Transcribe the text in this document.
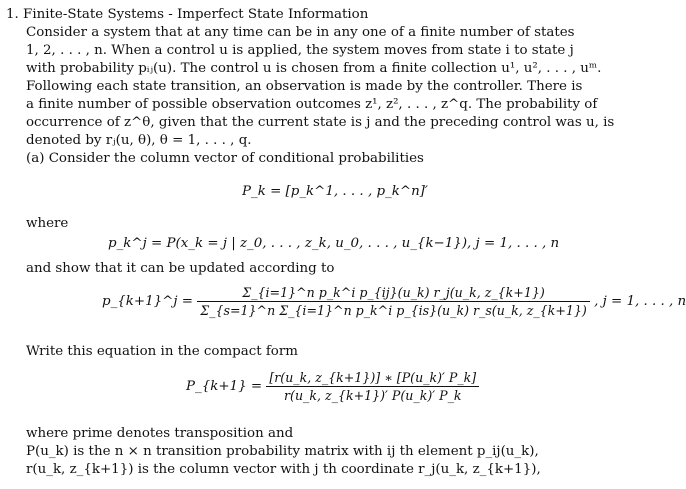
1. Finite-State Systems - Imperfect State Information
Consider a system that at any time can be in any one of a finite number of states
1, 2, . . . , n. When a control u is applied, the system moves from state i to state j
with probability pᵢⱼ(u). The control u is chosen from a finite collection u¹, u², . . . , uᵐ.
Following each state transition, an observation is made by the controller. There is
a finite number of possible observation outcomes z¹, z², . . . , z^q. The probability of
occurrence of z^θ, given that the current state is j and the preceding control was u, is
denoted by rⱼ(u, θ), θ = 1, . . . , q.
(a) Consider the column vector of conditional probabilities
P_k = [p_k^1, . . . , p_k^n]′
where
p_k^j = P(x_k = j | z_0, . . . , z_k, u_0, . . . , u_{k−1}), j = 1, . . . , n
and show that it can be updated according to
p_{k+1}^j = $\frac{\text{Σ\_\{i=1\}\textasciicircum{}n p\_k\textasciicircum{}i p\_\{ij\}(u\_k) r\_j(u\_k, z\_\{k+1\})}}{\text{Σ\_\{s=1\}\textasciicircum{}n Σ\_\{i=1\}\textasciicircum{}n p\_k\textasciicircum{}i p\_\{is\}(u\_k) r\_s(u\_k, z\_\{k+1\})}}$ , j = 1, . . . , n
Write this equation in the compact form
P_{k+1} = $\frac{[r(u\_k, z\_\{k+1\})] ∗ [P(u\_k)' P\_k]}{r(u\_k, z\_\{k+1\})' P(u\_k)' P\_k}$
where prime denotes transposition and
P(u_k) is the n × n transition probability matrix with ij th element p_ij(u_k),
r(u_k, z_{k+1}) is the column vector with j th coordinate r_j(u_k, z_{k+1}),
